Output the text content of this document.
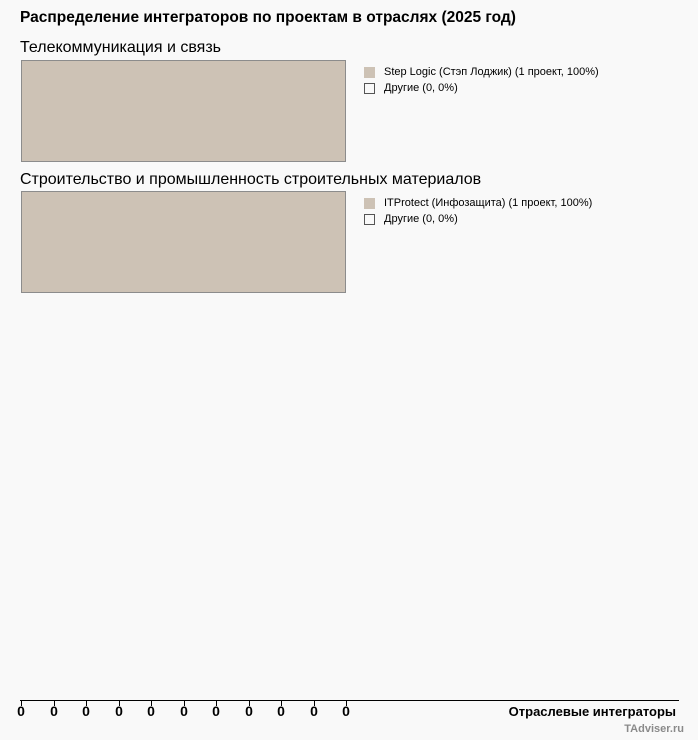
Распределение интеграторов по проектам в отраслях (2025 год)
Телекоммуникация и связь
Step Logic (Стэп Лоджик) (1 проект, 100%)
Другие (0, 0%)
Строительство и промышленность строительных материалов
ITProtect (Инфозащита) (1 проект, 100%)
Другие (0, 0%)
0	0	0	0	0	0	0	0	0	0	0	Отраслевые интеграторы
TAdviser.ru
